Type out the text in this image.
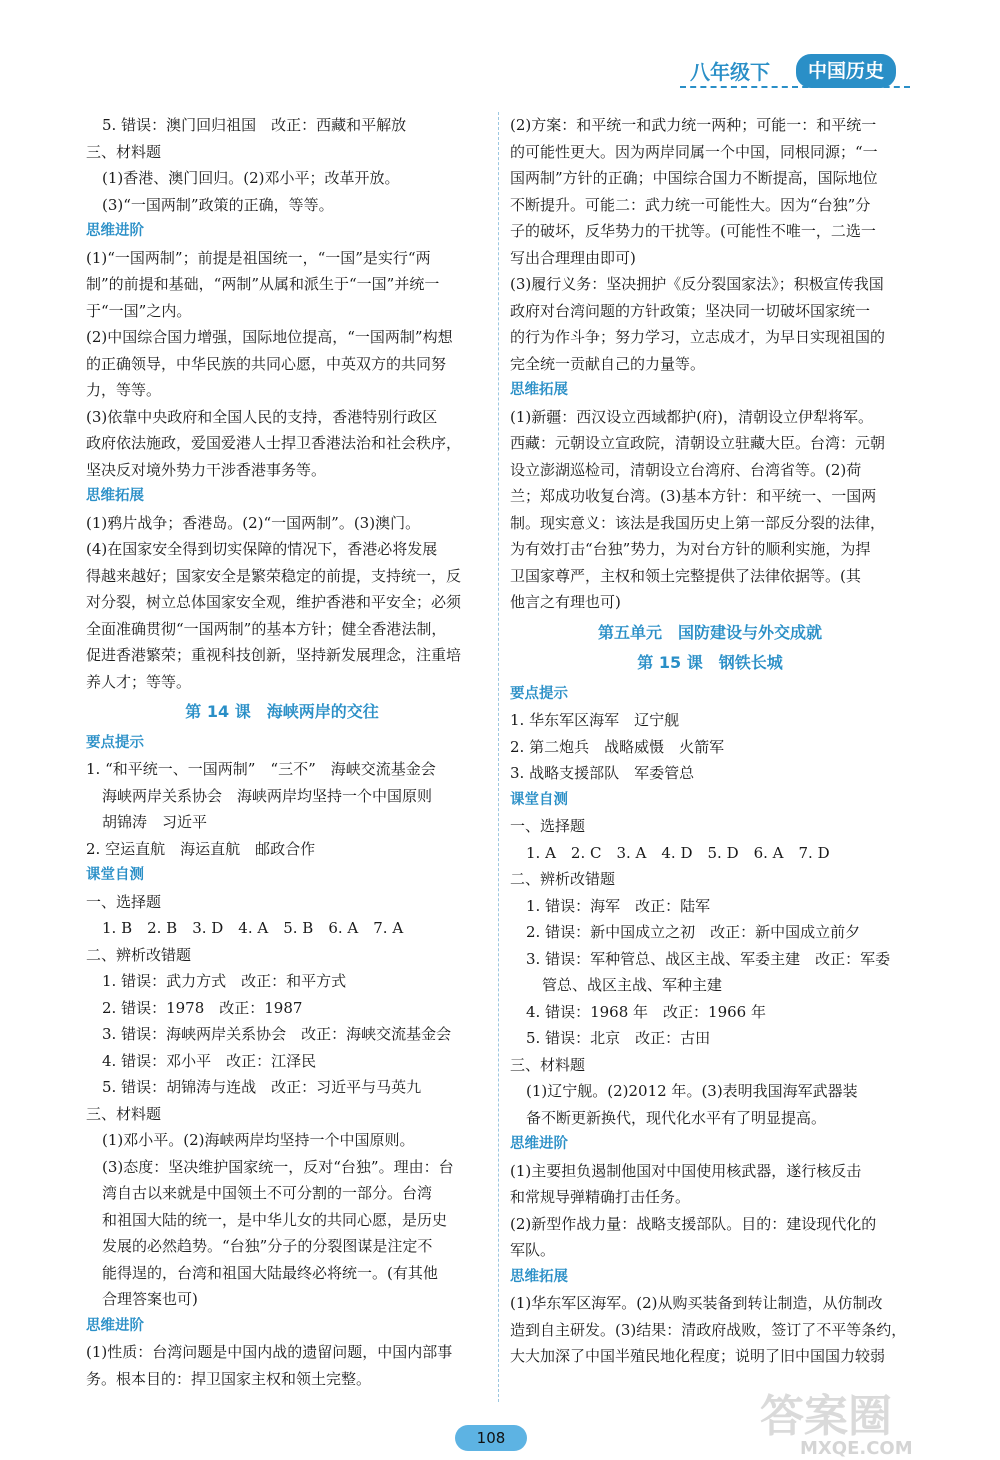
八年级下	中国历史
5. 错误：澳门回归祖国　改正：西藏和平解放
三、材料题
(1)香港、澳门回归。(2)邓小平；改革开放。
(3)“一国两制”政策的正确，等等。
思维进阶
(1)“一国两制”；前提是祖国统一，“一国”是实行“两
制”的前提和基础，“两制”从属和派生于“一国”并统一
于“一国”之内。
(2)中国综合国力增强，国际地位提高，“一国两制”构想
的正确领导，中华民族的共同心愿，中英双方的共同努
力，等等。
(3)依靠中央政府和全国人民的支持，香港特别行政区
政府依法施政，爱国爱港人士捍卫香港法治和社会秩序，
坚决反对境外势力干涉香港事务等。
思维拓展
(1)鸦片战争；香港岛。(2)“一国两制”。(3)澳门。
(4)在国家安全得到切实保障的情况下，香港必将发展
得越来越好；国家安全是繁荣稳定的前提，支持统一，反
对分裂，树立总体国家安全观，维护香港和平安全；必须
全面准确贯彻“一国两制”的基本方针；健全香港法制，
促进香港繁荣；重视科技创新，坚持新发展理念，注重培
养人才；等等。
第 14 课　海峡两岸的交往
要点提示
1. “和平统一、一国两制”　“三不”　海峡交流基金会
海峡两岸关系协会　海峡两岸均坚持一个中国原则
胡锦涛　习近平
2. 空运直航　海运直航　邮政合作
课堂自测
一、选择题
1. B　2. B　3. D　4. A　5. B　6. A　7. A
二、辨析改错题
1. 错误：武力方式　改正：和平方式
2. 错误：1978　改正：1987
3. 错误：海峡两岸关系协会　改正：海峡交流基金会
4. 错误：邓小平　改正：江泽民
5. 错误：胡锦涛与连战　改正：习近平与马英九
三、材料题
(1)邓小平。(2)海峡两岸均坚持一个中国原则。
(3)态度：坚决维护国家统一，反对“台独”。理由：台
湾自古以来就是中国领土不可分割的一部分。台湾
和祖国大陆的统一，是中华儿女的共同心愿，是历史
发展的必然趋势。“台独”分子的分裂图谋是注定不
能得逞的，台湾和祖国大陆最终必将统一。(有其他
合理答案也可)
思维进阶
(1)性质：台湾问题是中国内战的遗留问题，中国内部事
务。根本目的：捍卫国家主权和领土完整。
(2)方案：和平统一和武力统一两种；可能一：和平统一
的可能性更大。因为两岸同属一个中国，同根同源；“一
国两制”方针的正确；中国综合国力不断提高，国际地位
不断提升。可能二：武力统一可能性大。因为“台独”分
子的破坏，反华势力的干扰等。(可能性不唯一，二选一
写出合理理由即可)
(3)履行义务：坚决拥护《反分裂国家法》；积极宣传我国
政府对台湾问题的方针政策；坚决同一切破坏国家统一
的行为作斗争；努力学习，立志成才，为早日实现祖国的
完全统一贡献自己的力量等。
思维拓展
(1)新疆：西汉设立西域都护(府)，清朝设立伊犁将军。
西藏：元朝设立宣政院，清朝设立驻藏大臣。台湾：元朝
设立澎湖巡检司，清朝设立台湾府、台湾省等。(2)荷
兰；郑成功收复台湾。(3)基本方针：和平统一、一国两
制。现实意义：该法是我国历史上第一部反分裂的法律，
为有效打击“台独”势力，为对台方针的顺利实施，为捍
卫国家尊严，主权和领土完整提供了法律依据等。(其
他言之有理也可)
第五单元　国防建设与外交成就
第 15 课　钢铁长城
要点提示
1. 华东军区海军　辽宁舰
2. 第二炮兵　战略威慑　火箭军
3. 战略支援部队　军委管总
课堂自测
一、选择题
1. A　2. C　3. A　4. D　5. D　6. A　7. D
二、辨析改错题
1. 错误：海军　改正：陆军
2. 错误：新中国成立之初　改正：新中国成立前夕
3. 错误：军种管总、战区主战、军委主建　改正：军委
管总、战区主战、军种主建
4. 错误：1968 年　改正：1966 年
5. 错误：北京　改正：古田
三、材料题
(1)辽宁舰。(2)2012 年。(3)表明我国海军武器装
备不断更新换代，现代化水平有了明显提高。
思维进阶
(1)主要担负遏制他国对中国使用核武器，遂行核反击
和常规导弹精确打击任务。
(2)新型作战力量：战略支援部队。目的：建设现代化的
军队。
思维拓展
(1)华东军区海军。(2)从购买装备到转让制造，从仿制改
造到自主研发。(3)结果：清政府战败，签订了不平等条约，
大大加深了中国半殖民地化程度；说明了旧中国国力较弱
108	答案圈
MXQE.COM
